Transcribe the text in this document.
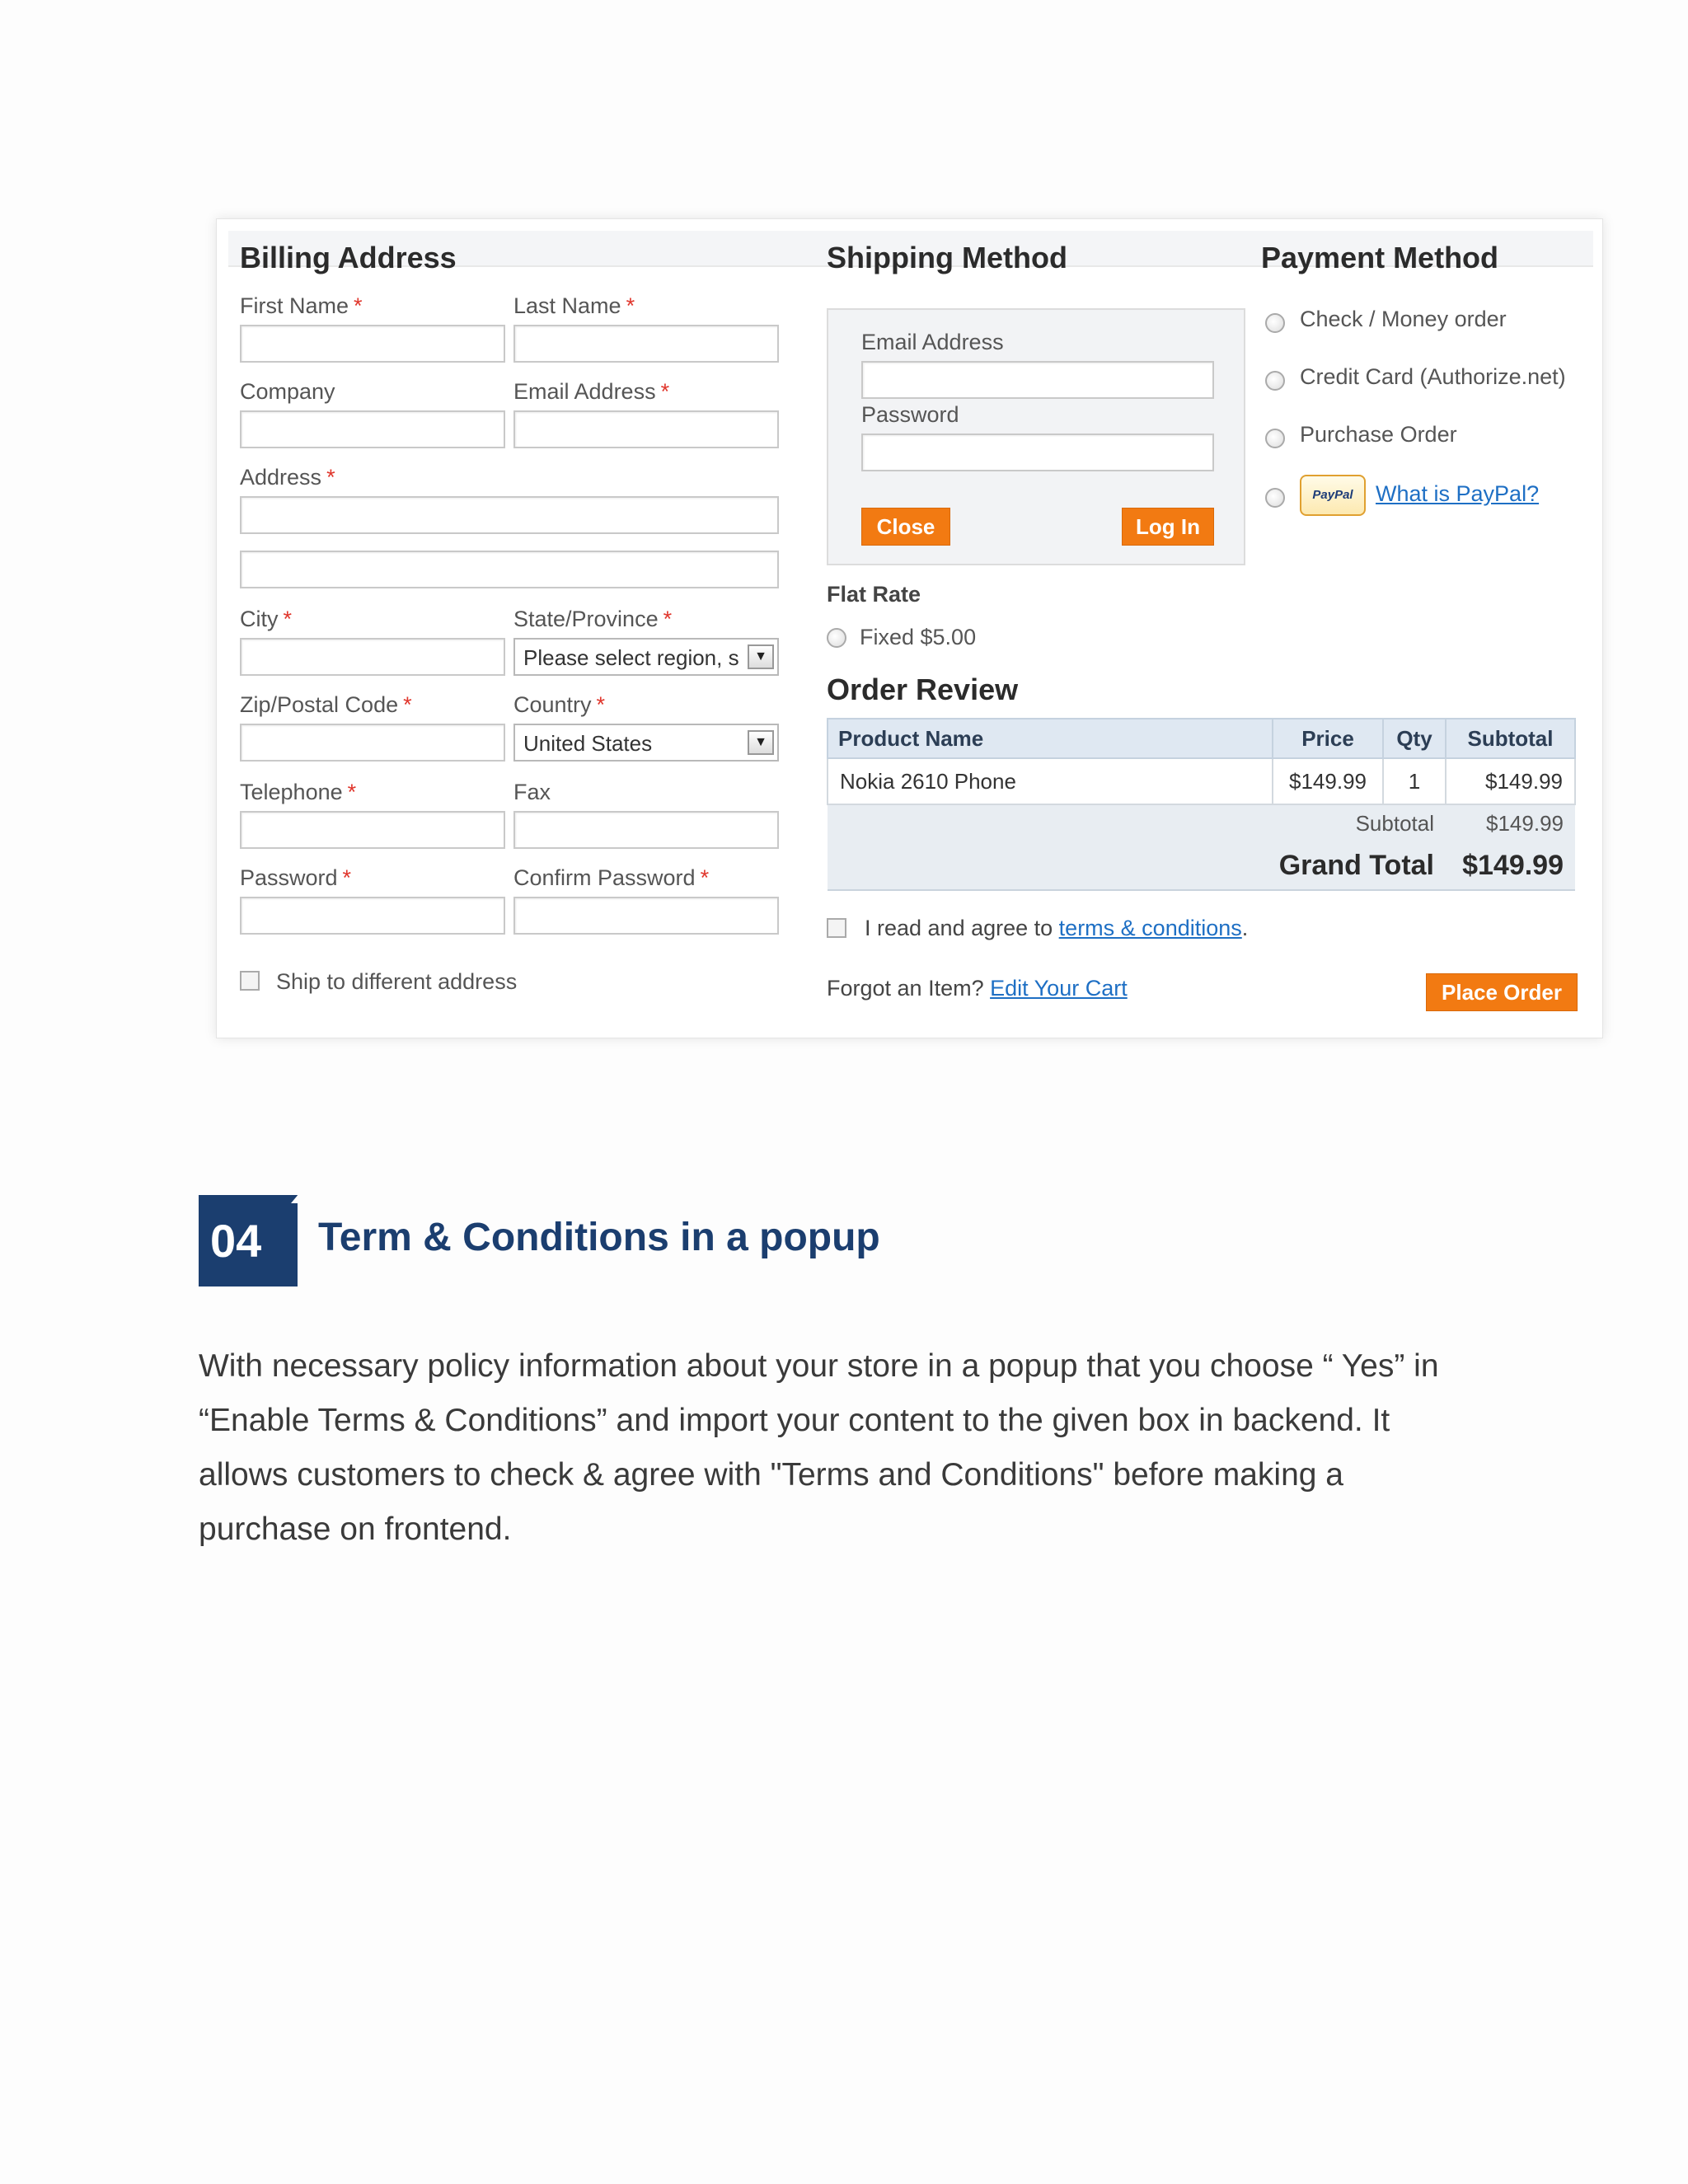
Billing Address
First Name *	Last Name *
Company	Email Address *
Address *
City *	State/Province *
Please select region, s	▼
Zip/Postal Code *	Country *
United States	▼
Telephone *	Fax
Password *	Confirm Password *
Ship to different address
Shipping Method
Email Address
Password
Close	Log In
Flat Rate
Fixed $5.00
Order Review
Product Name	Price	Qty	Subtotal
Nokia 2610 Phone	$149.99	1	$149.99
Subtotal			$149.99
Grand Total			$149.99
I read and agree to terms & conditions.
Forgot an Item? Edit Your Cart	Place Order
Payment Method
Check / Money order
Credit Card (Authorize.net)
Purchase Order
PayPal	What is PayPal?
04	Term & Conditions in a popup
With necessary policy information about your store in a popup that you choose “ Yes” in
“Enable Terms & Conditions” and import your content to the given box in backend. It
allows customers to check & agree with "Terms and Conditions" before making a
purchase on frontend.
